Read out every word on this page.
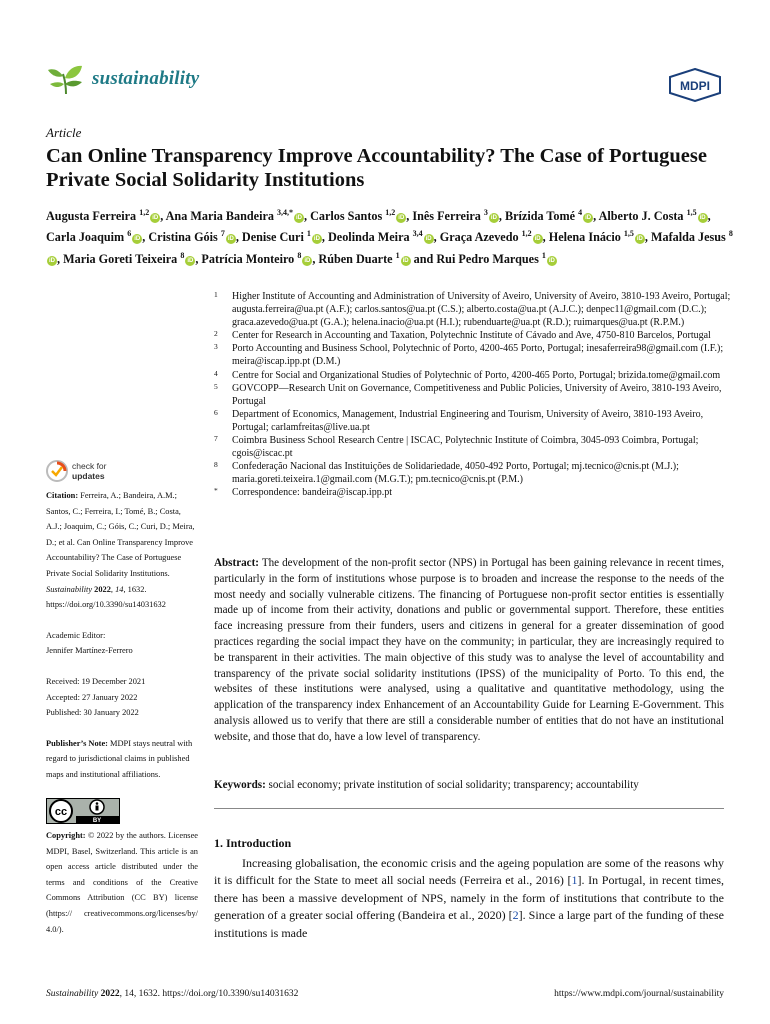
sustainability	MDPI
Article
Can Online Transparency Improve Accountability? The Case of Portuguese Private Social Solidarity Institutions
Augusta Ferreira $^{1,2}$iD , Ana Maria Bandeira $^{3,4,*}$iD , Carlos Santos $^{1,2}$iD , Inês Ferreira $^3$iD , Brízida Tomé $^4$iD , Alberto J. Costa $^{1,5}$iD , Carla Joaquim $^6$iD , Cristina Góis $^7$iD , Denise Curi $^1$iD , Deolinda Meira $^{3,4}$iD , Graça Azevedo $^{1,2}$iD , Helena Inácio $^{1,5}$iD , Mafalda Jesus $^8$iD , Maria Goreti Teixeira $^8$iD , Patrícia Monteiro $^8$iD , Rúben Duarte $^1$iD and Rui Pedro Marques $^1$iD
1 Higher Institute of Accounting and Administration of University of Aveiro, University of Aveiro, 3810-193 Aveiro, Portugal; augusta.ferreira@ua.pt (A.F.); carlos.santos@ua.pt (C.S.); alberto.costa@ua.pt (A.J.C.); denpec11@gmail.com (D.C.); graca.azevedo@ua.pt (G.A.); helena.inacio@ua.pt (H.I.); rubenduarte@ua.pt (R.D.); ruimarques@ua.pt (R.P.M.)
2 Center for Research in Accounting and Taxation, Polytechnic Institute of Cávado and Ave, 4750-810 Barcelos, Portugal
3 Porto Accounting and Business School, Polytechnic of Porto, 4200-465 Porto, Portugal; inesaferreira98@gmail.com (I.F.); meira@iscap.ipp.pt (D.M.)
4 Centre for Social and Organizational Studies of Polytechnic of Porto, 4200-465 Porto, Portugal; brizida.tome@gmail.com
5 GOVCOPP—Research Unit on Governance, Competitiveness and Public Policies, University of Aveiro, 3810-193 Aveiro, Portugal
6 Department of Economics, Management, Industrial Engineering and Tourism, University of Aveiro, 3810-193 Aveiro, Portugal; carlamfreitas@live.ua.pt
7 Coimbra Business School Research Centre | ISCAC, Polytechnic Institute of Coimbra, 3045-093 Coimbra, Portugal; cgois@iscac.pt
8 Confederação Nacional das Instituições de Solidariedade, 4050-492 Porto, Portugal; mj.tecnico@cnis.pt (M.J.); maria.goreti.teixeira.1@gmail.com (M.G.T.); pm.tecnico@cnis.pt (P.M.)
* Correspondence: bandeira@iscap.ipp.pt
check for
updates

Citation: Ferreira, A.; Bandeira, A.M.; Santos, C.; Ferreira, I.; Tomé, B.; Costa, A.J.; Joaquim, C.; Góis, C.; Curi, D.; Meira, D.; et al. Can Online Transparency Improve Accountability? The Case of Portuguese Private Social Solidarity Institutions. Sustainability 2022, 14, 1632. https://doi.org/10.3390/su14031632

Academic Editor:

Jennifer Martínez-Ferrero

Received: 19 December 2021

Accepted: 27 January 2022

Published: 30 January 2022

Publisher’s Note: MDPI stays neutral with regard to jurisdictional claims in published maps and institutional affiliations.

cc
BY
Copyright: © 2022 by the authors. Licensee MDPI, Basel, Switzerland. This article is an open access article distributed under the terms and conditions of the Creative Commons Attribution (CC BY) license (https:// creativecommons.org/licenses/by/ 4.0/).
Abstract: The development of the non-profit sector (NPS) in Portugal has been gaining relevance in recent times, particularly in the form of institutions whose purpose is to broaden and increase the response to the needs of the most needy and socially vulnerable citizens. The financing of Portuguese non-profit sector entities is essentially made up of income from their activity, donations and public or governmental support. Therefore, these entities face increasing pressure from their funders, users and citizens in general for a greater dissemination of good practices regarding the social impact they have on the community; in particular, they are increasingly required to be transparent in their activities. The main objective of this study was to analyse the level of accountability and transparency of the private social solidarity institutions (IPSS) of the municipality of Porto. To this end, the websites of these institutions were analysed, using a qualitative and quantitative methodology, using the application of the transparency index Enhancement of an Accountability Guide for Learning E-Government. This analysis allowed us to verify that there are still a considerable number of entities that do not have an institutional website, and those that do, have a low level of transparency.
Keywords: social economy; private institution of social solidarity; transparency; accountability
1. Introduction
Increasing globalisation, the economic crisis and the ageing population are some of the reasons why it is difficult for the State to meet all social needs (Ferreira et al., 2016) [1]. In Portugal, in recent times, there has been a massive development of NPS, namely in the form of institutions that contribute to the generation of a greater social offering (Bandeira et al., 2020) [2]. Since a large part of the funding of these institutions is made
Sustainability 2022, 14, 1632. https://doi.org/10.3390/su14031632	https://www.mdpi.com/journal/sustainability
